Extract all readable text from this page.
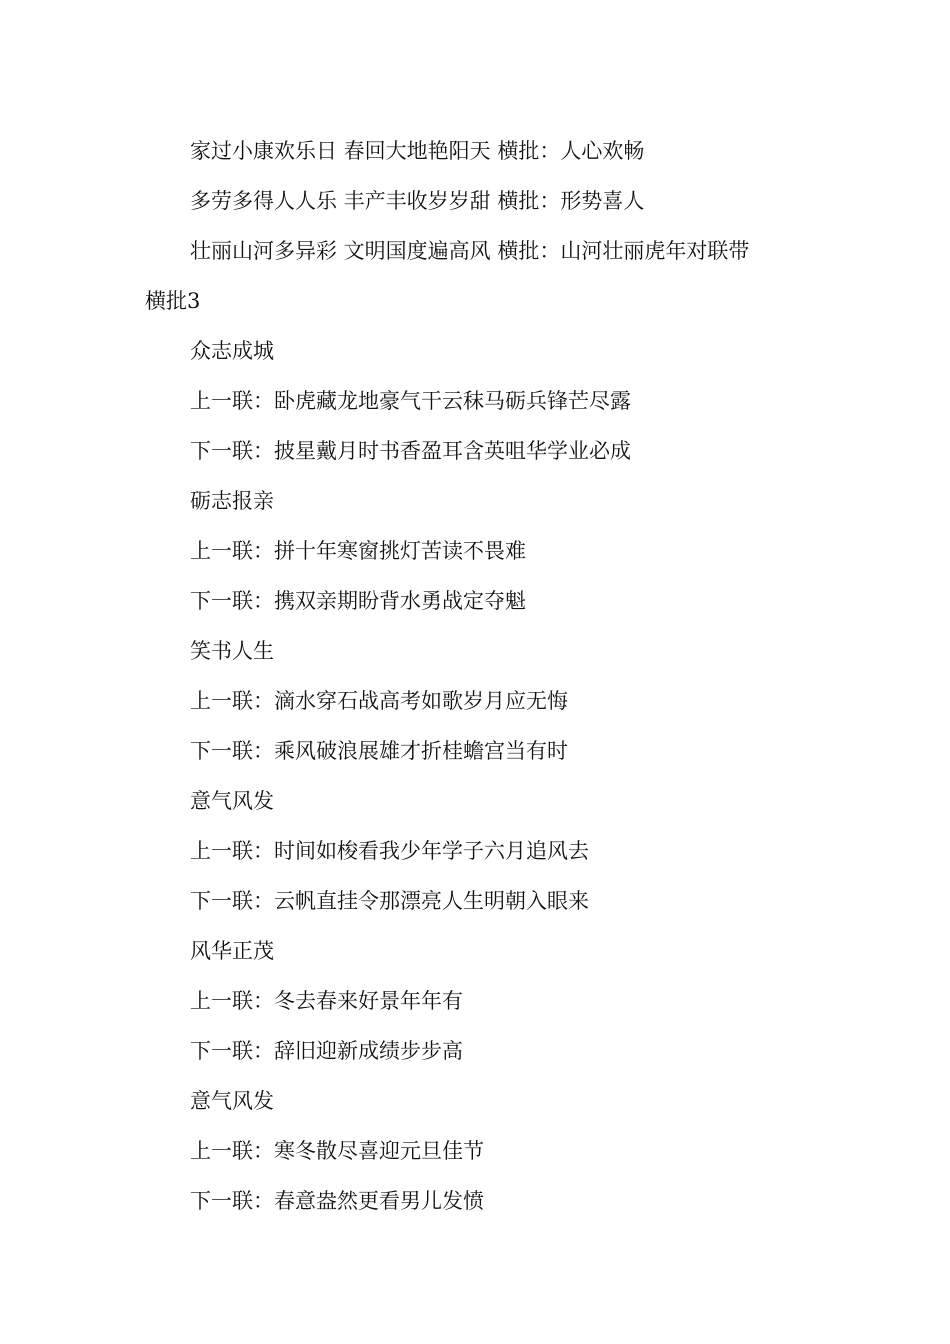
家过小康欢乐日 春回大地艳阳天 横批：人心欢畅

多劳多得人人乐 丰产丰收岁岁甜 横批：形势喜人

壮丽山河多异彩 文明国度遍高风 横批：山河壮丽虎年对联带

横批3

众志成城

上一联：卧虎藏龙地豪气干云秣马砺兵锋芒尽露

下一联：披星戴月时书香盈耳含英咀华学业必成

砺志报亲

上一联：拼十年寒窗挑灯苦读不畏难

下一联：携双亲期盼背水勇战定夺魁

笑书人生

上一联：滴水穿石战高考如歌岁月应无悔

下一联：乘风破浪展雄才折桂蟾宫当有时

意气风发

上一联：时间如梭看我少年学子六月追风去

下一联：云帆直挂令那漂亮人生明朝入眼来

风华正茂

上一联：冬去春来好景年年有

下一联：辞旧迎新成绩步步高

意气风发

上一联：寒冬散尽喜迎元旦佳节

下一联：春意盎然更看男儿发愤
